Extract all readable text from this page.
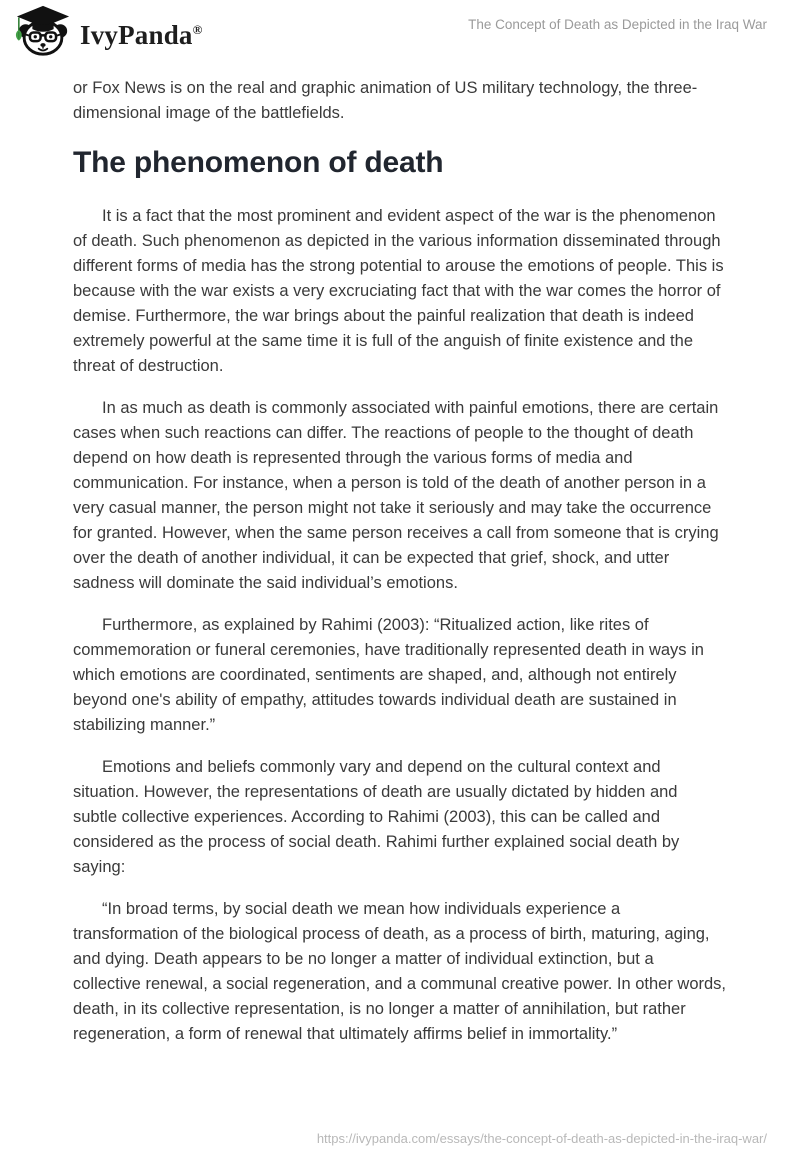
IvyPanda®	The Concept of Death as Depicted in the Iraq War

or Fox News is on the real and graphic animation of US military technology, the three-dimensional image of the battlefields.

The phenomenon of death

It is a fact that the most prominent and evident aspect of the war is the phenomenon of death. Such phenomenon as depicted in the various information disseminated through different forms of media has the strong potential to arouse the emotions of people. This is because with the war exists a very excruciating fact that with the war comes the horror of demise. Furthermore, the war brings about the painful realization that death is indeed extremely powerful at the same time it is full of the anguish of finite existence and the threat of destruction.

In as much as death is commonly associated with painful emotions, there are certain cases when such reactions can differ. The reactions of people to the thought of death depend on how death is represented through the various forms of media and communication. For instance, when a person is told of the death of another person in a very casual manner, the person might not take it seriously and may take the occurrence for granted. However, when the same person receives a call from someone that is crying over the death of another individual, it can be expected that grief, shock, and utter sadness will dominate the said individual’s emotions.

Furthermore, as explained by Rahimi (2003): “Ritualized action, like rites of commemoration or funeral ceremonies, have traditionally represented death in ways in which emotions are coordinated, sentiments are shaped, and, although not entirely beyond one's ability of empathy, attitudes towards individual death are sustained in stabilizing manner.”

Emotions and beliefs commonly vary and depend on the cultural context and situation. However, the representations of death are usually dictated by hidden and subtle collective experiences. According to Rahimi (2003), this can be called and considered as the process of social death. Rahimi further explained social death by saying:

“In broad terms, by social death we mean how individuals experience a transformation of the biological process of death, as a process of birth, maturing, aging, and dying. Death appears to be no longer a matter of individual extinction, but a collective renewal, a social regeneration, and a communal creative power. In other words, death, in its collective representation, is no longer a matter of annihilation, but rather regeneration, a form of renewal that ultimately affirms belief in immortality.”

https://ivypanda.com/essays/the-concept-of-death-as-depicted-in-the-iraq-war/
